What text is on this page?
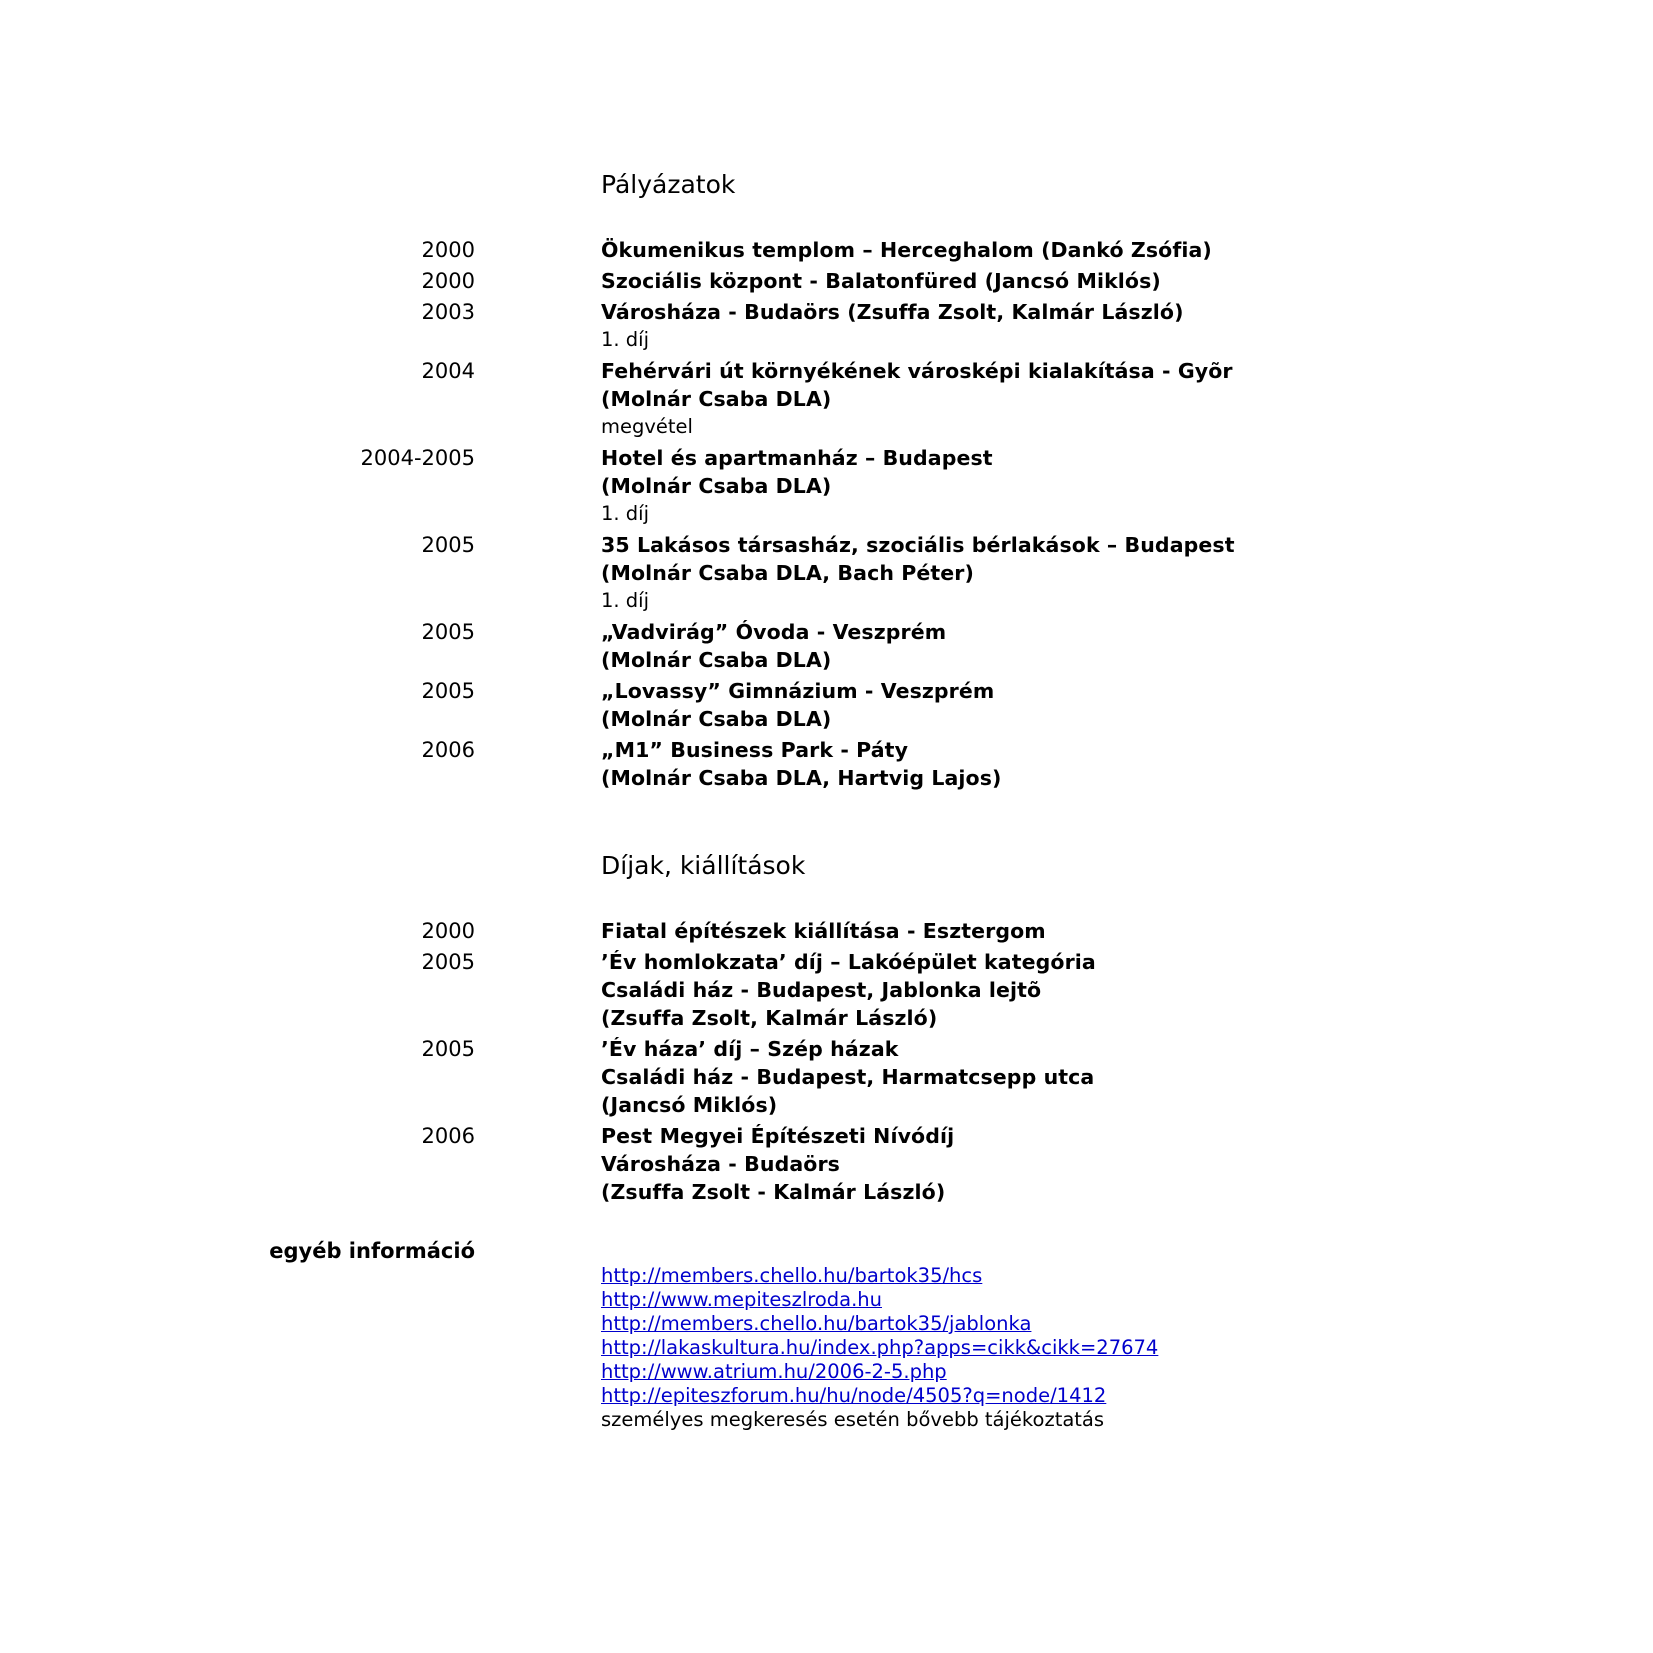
Pályázatok
2000	Ökumenikus templom – Herceghalom (Dankó Zsófia)
2000	Szociális központ - Balatonfüred (Jancsó Miklós)
2003	Városháza - Budaörs (Zsuffa Zsolt, Kalmár László)
1. díj
2004	Fehérvári út környékének városképi kialakítása - Gyõr
(Molnár Csaba DLA)
megvétel
2004-2005	Hotel és apartmanház – Budapest
(Molnár Csaba DLA)
1. díj
2005	35 Lakásos társasház, szociális bérlakások – Budapest
(Molnár Csaba DLA, Bach Péter)
1. díj
2005	„Vadvirág” Óvoda - Veszprém
(Molnár Csaba DLA)
2005	„Lovassy” Gimnázium - Veszprém
(Molnár Csaba DLA)
2006	„M1” Business Park - Páty
(Molnár Csaba DLA, Hartvig Lajos)
Díjak, kiállítások
2000	Fiatal építészek kiállítása - Esztergom
2005	’Év homlokzata’ díj – Lakóépület kategória
Családi ház - Budapest, Jablonka lejtõ
(Zsuffa Zsolt, Kalmár László)
2005	’Év háza’ díj – Szép házak
Családi ház - Budapest, Harmatcsepp utca
(Jancsó Miklós)
2006	Pest Megyei Építészeti Nívódíj
Városháza - Budaörs
(Zsuffa Zsolt - Kalmár László)
egyéb információ
http://members.chello.hu/bartok35/hcs
http://www.mepiteszlroda.hu
http://members.chello.hu/bartok35/jablonka
http://lakaskultura.hu/index.php?apps=cikk&cikk=27674
http://www.atrium.hu/2006-2-5.php
http://epiteszforum.hu/hu/node/4505?q=node/1412
személyes megkeresés esetén bővebb tájékoztatás
